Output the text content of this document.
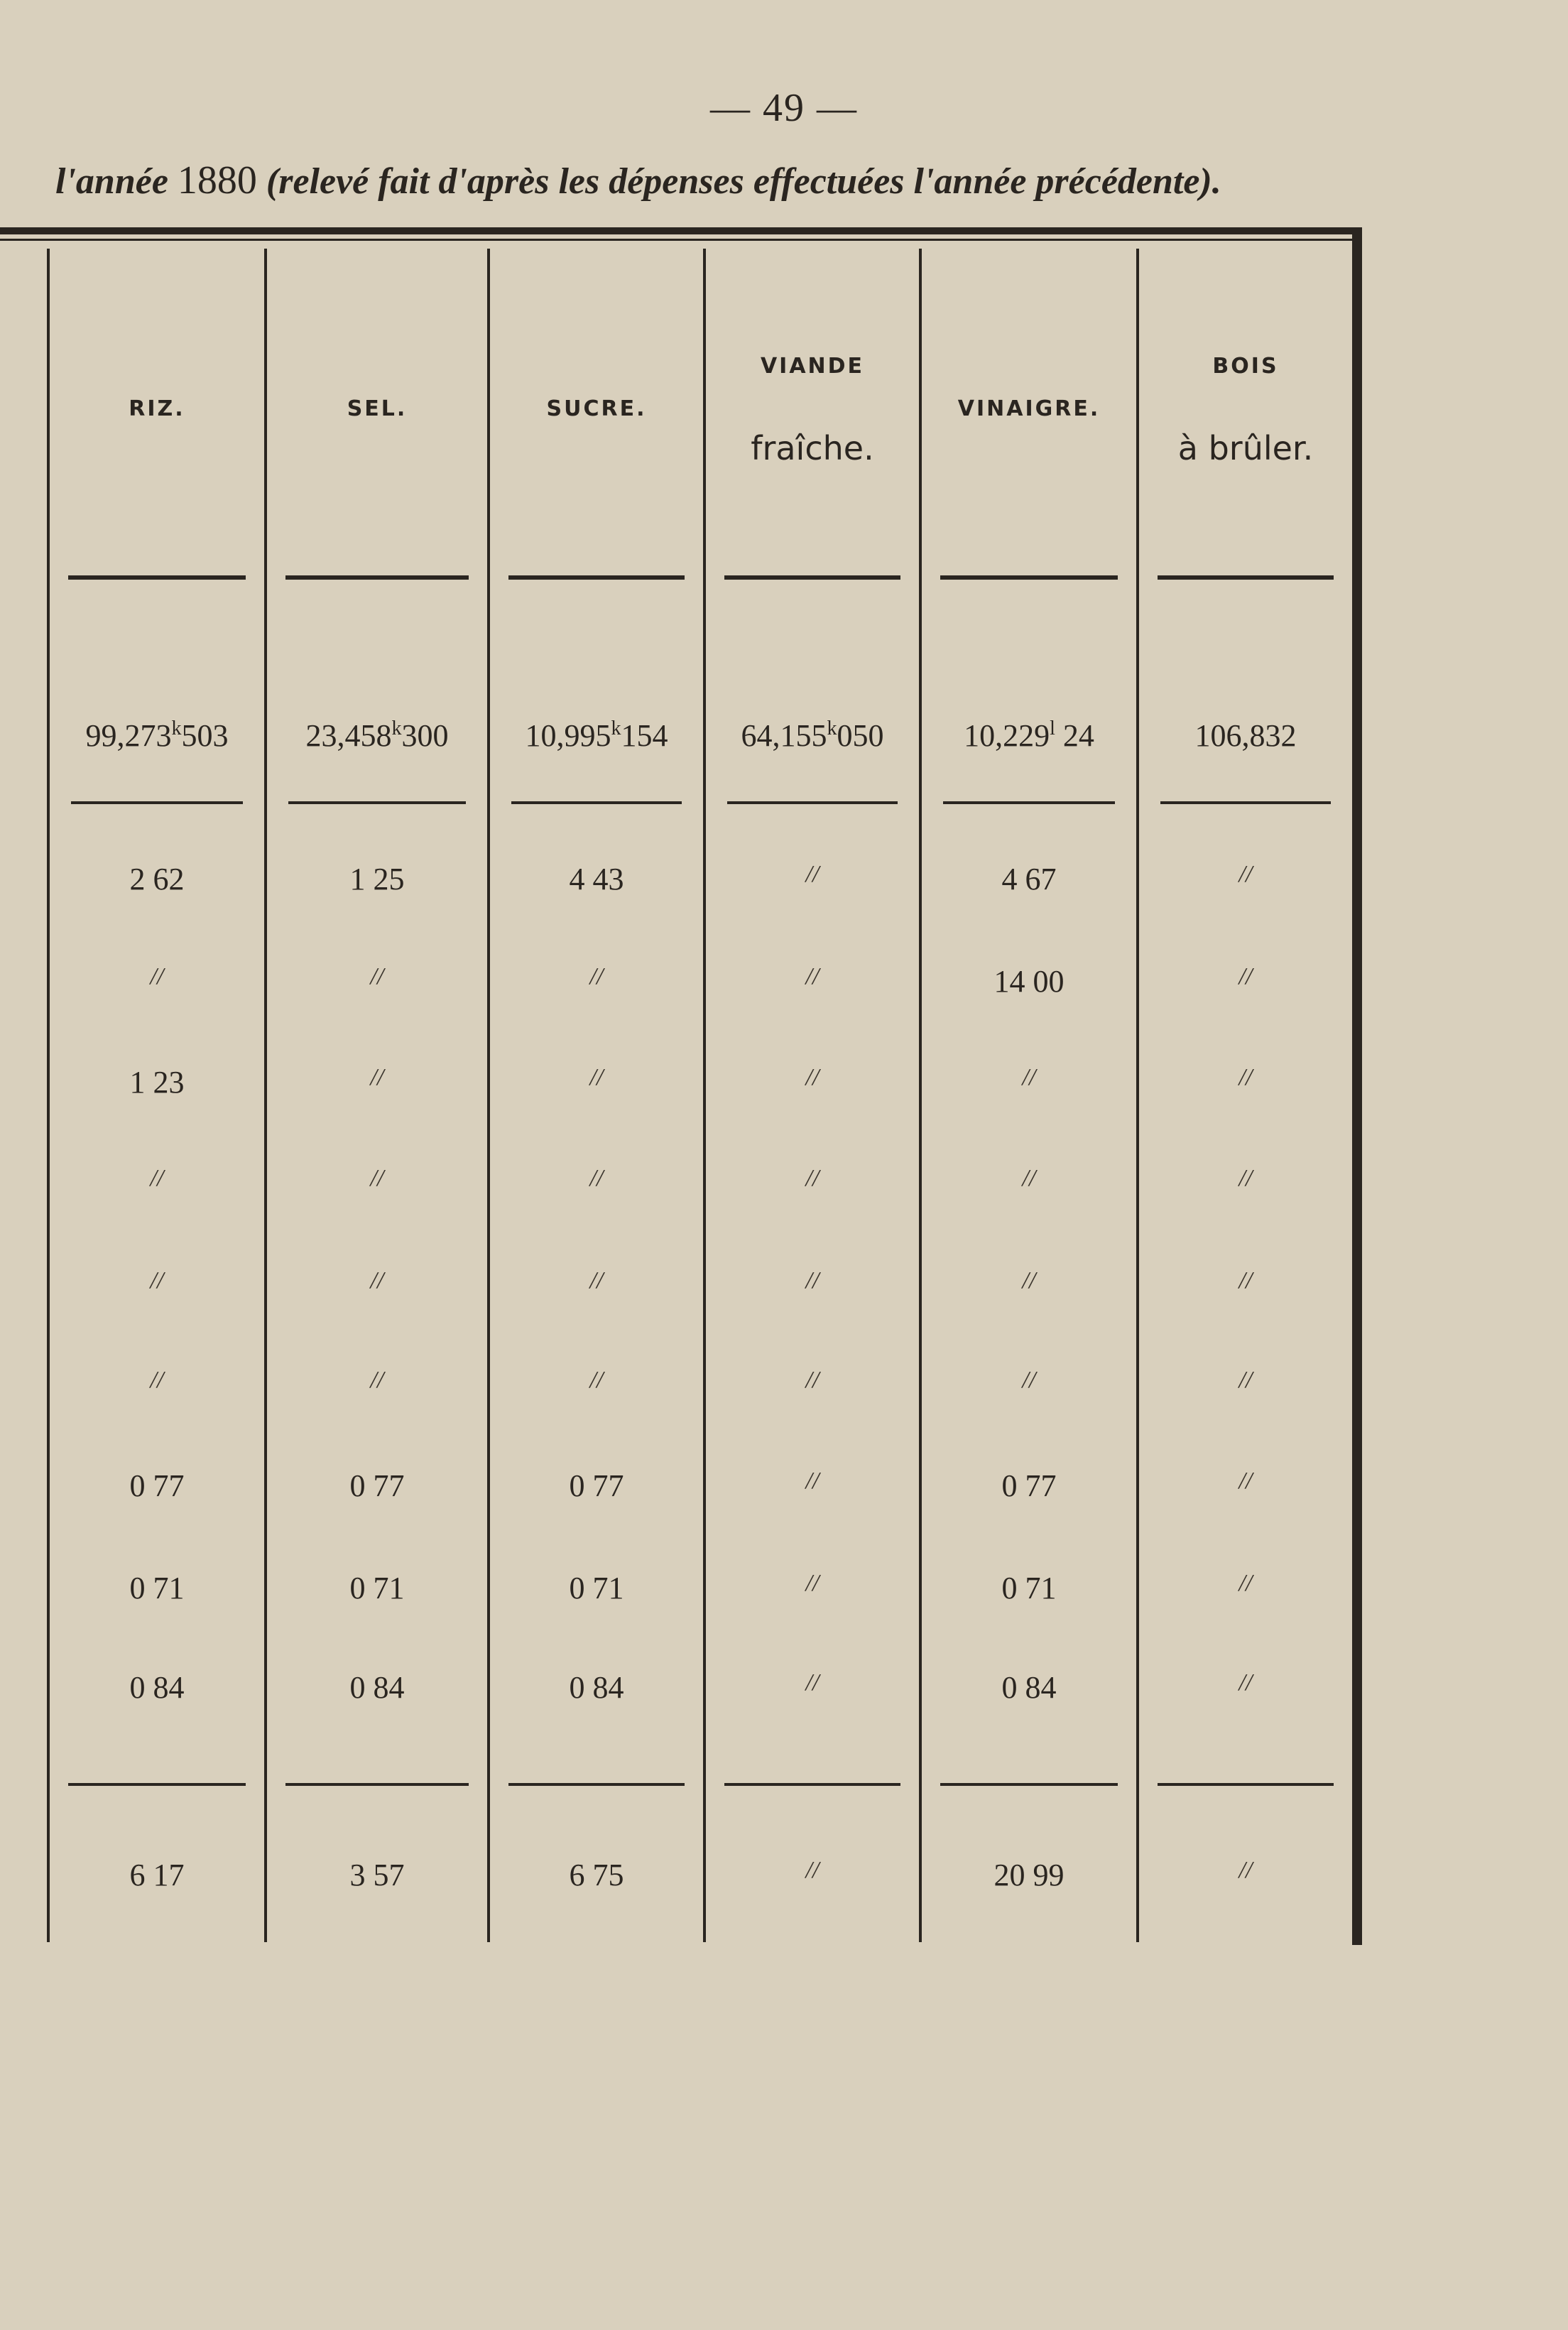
— 49 —
l'année 1880 (relevé fait d'après les dépenses effectuées l'année précédente).
RIZ.
99,273$^k$503
2 62
//
1 23
//
//
//
0 77
0 71
0 84
6 17
SEL.
23,458$^k$300
1 25
//
//
//
//
//
0 77
0 71
0 84
3 57
SUCRE.
10,995$^k$154
4 43
//
//
//
//
//
0 77
0 71
0 84
6 75
VIANDE
fraîche.
64,155$^k$050
//
//
//
//
//
//
//
//
//
//
VINAIGRE.
10,229$^l$ 24
4 67
14 00
//
//
//
//
0 77
0 71
0 84
20 99
BOIS
à brûler.
106,832
//
//
//
//
//
//
//
//
//
//
